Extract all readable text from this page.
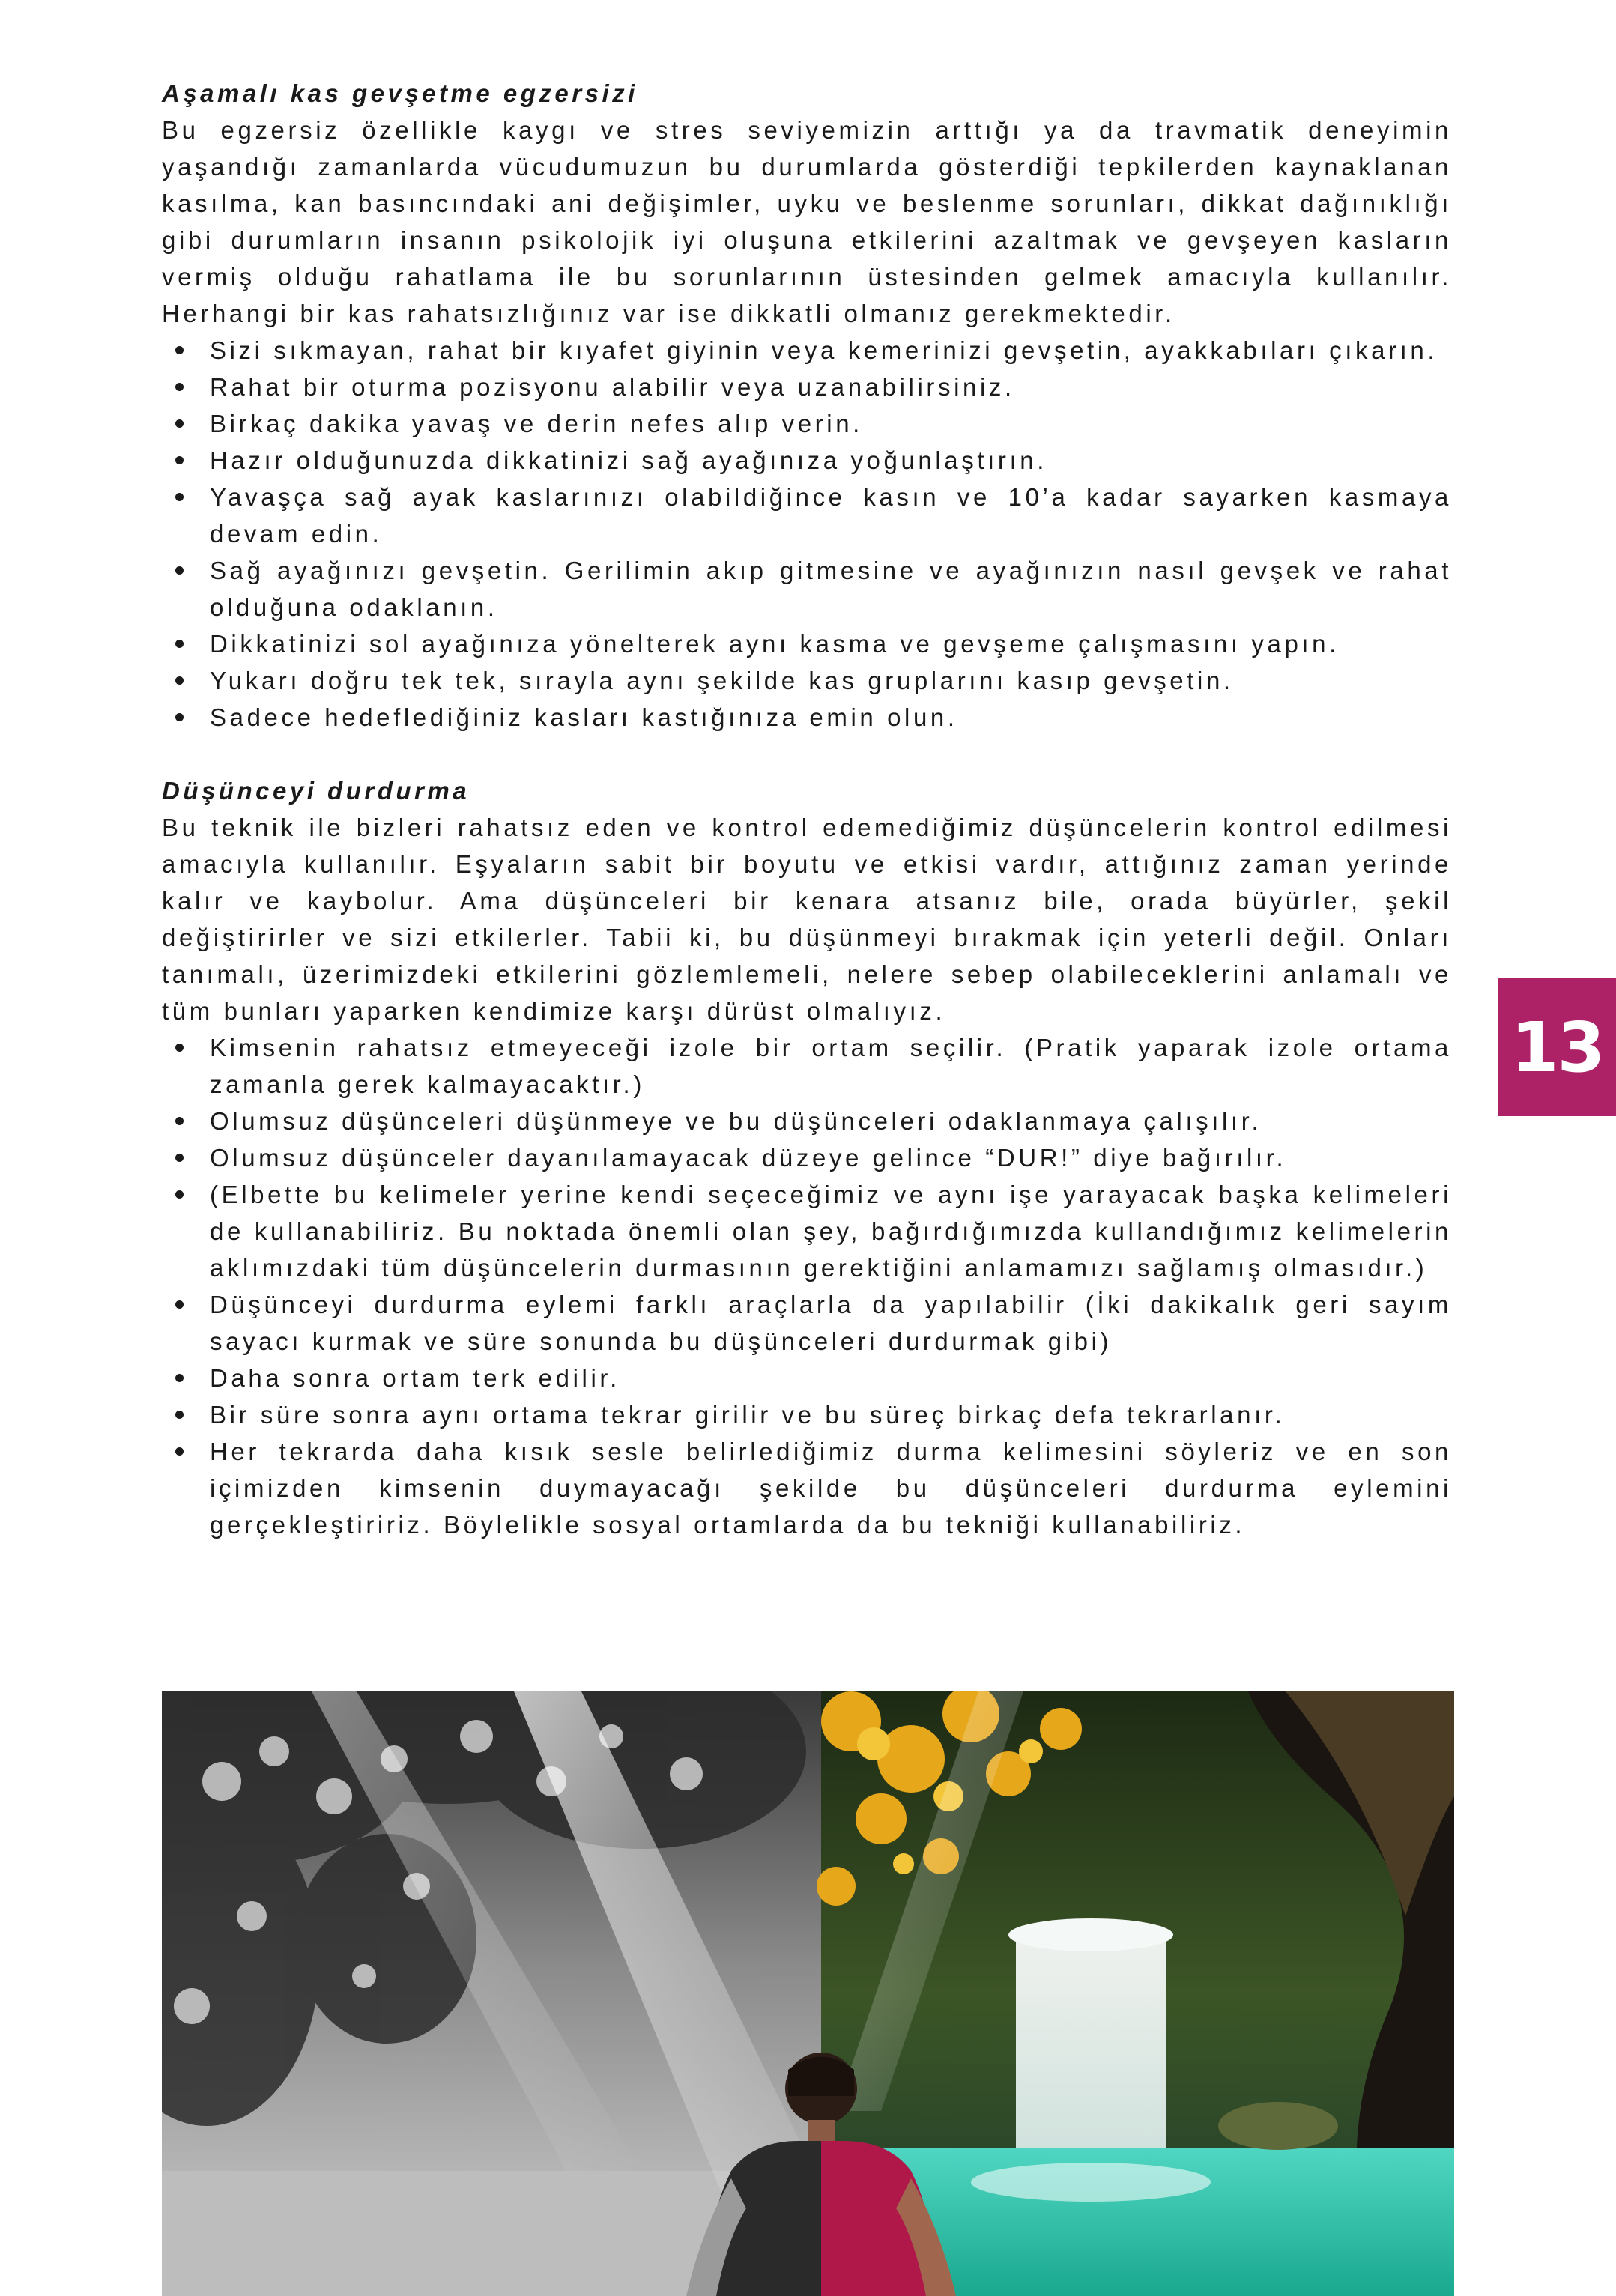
Aşamalı kas gevşetme egzersizi

Bu egzersiz özellikle kaygı ve stres seviyemizin arttığı ya da travmatik deneyimin yaşandığı zamanlarda vücudumuzun bu durumlarda gösterdiği tepkilerden kaynaklanan kasılma, kan basıncındaki ani değişimler, uyku ve beslenme sorunları, dikkat dağınıklığı gibi durumların insanın psikolojik iyi oluşuna etkilerini azaltmak ve gevşeyen kasların vermiş olduğu rahatlama ile bu sorunlarının üstesinden gelmek amacıyla kullanılır. Herhangi bir kas rahatsızlığınız var ise dikkatli olmanız gerekmektedir.

Sizi sıkmayan, rahat bir kıyafet giyinin veya kemerinizi gevşetin, ayakkabıları çıkarın.
Rahat bir oturma pozisyonu alabilir veya uzanabilirsiniz.
Birkaç dakika yavaş ve derin nefes alıp verin.
Hazır olduğunuzda dikkatinizi sağ ayağınıza yoğunlaştırın.
Yavaşça sağ ayak kaslarınızı olabildiğince kasın ve 10’a kadar sayarken kasmaya devam edin.
Sağ ayağınızı gevşetin. Gerilimin akıp gitmesine ve ayağınızın nasıl gevşek ve rahat olduğuna odaklanın.
Dikkatinizi sol ayağınıza yönelterek aynı kasma ve gevşeme çalışmasını yapın.
Yukarı doğru tek tek, sırayla aynı şekilde kas gruplarını kasıp gevşetin.
Sadece hedeflediğiniz kasları kastığınıza emin olun.

Düşünceyi durdurma

Bu teknik ile bizleri rahatsız eden ve kontrol edemediğimiz düşüncelerin kontrol edilmesi amacıyla kullanılır. Eşyaların sabit bir boyutu ve etkisi vardır, attığınız zaman yerinde kalır ve kaybolur. Ama düşünceleri bir kenara atsanız bile, orada büyürler, şekil değiştirirler ve sizi etkilerler. Tabii ki, bu düşünmeyi bırakmak için yeterli değil. Onları tanımalı, üzerimizdeki etkilerini gözlemlemeli, nelere sebep olabileceklerini anlamalı ve tüm bunları yaparken kendimize karşı dürüst olmalıyız.

Kimsenin rahatsız etmeyeceği izole bir ortam seçilir. (Pratik yaparak izole ortama zamanla gerek kalmayacaktır.)
Olumsuz düşünceleri düşünmeye ve bu düşünceleri odaklanmaya çalışılır.
Olumsuz düşünceler dayanılamayacak düzeye gelince “DUR!” diye bağırılır.
(Elbette bu kelimeler yerine kendi seçeceğimiz ve aynı işe yarayacak başka kelimeleri de kullanabiliriz. Bu noktada önemli olan şey, bağırdığımızda kullandığımız kelimelerin aklımızdaki tüm düşüncelerin durmasının gerektiğini anlamamızı sağlamış olmasıdır.)
Düşünceyi durdurma eylemi farklı araçlarla da yapılabilir (İki dakikalık geri sayım sayacı kurmak ve süre sonunda bu düşünceleri durdurmak gibi)
Daha sonra ortam terk edilir.
Bir süre sonra aynı ortama tekrar girilir ve bu süreç birkaç defa tekrarlanır.
Her tekrarda daha kısık sesle belirlediğimiz durma kelimesini söyleriz ve en son içimizden kimsenin duymayacağı şekilde bu düşünceleri durdurma eylemini gerçekleştiririz. Böylelikle sosyal ortamlarda da bu tekniği kullanabiliriz.
13
